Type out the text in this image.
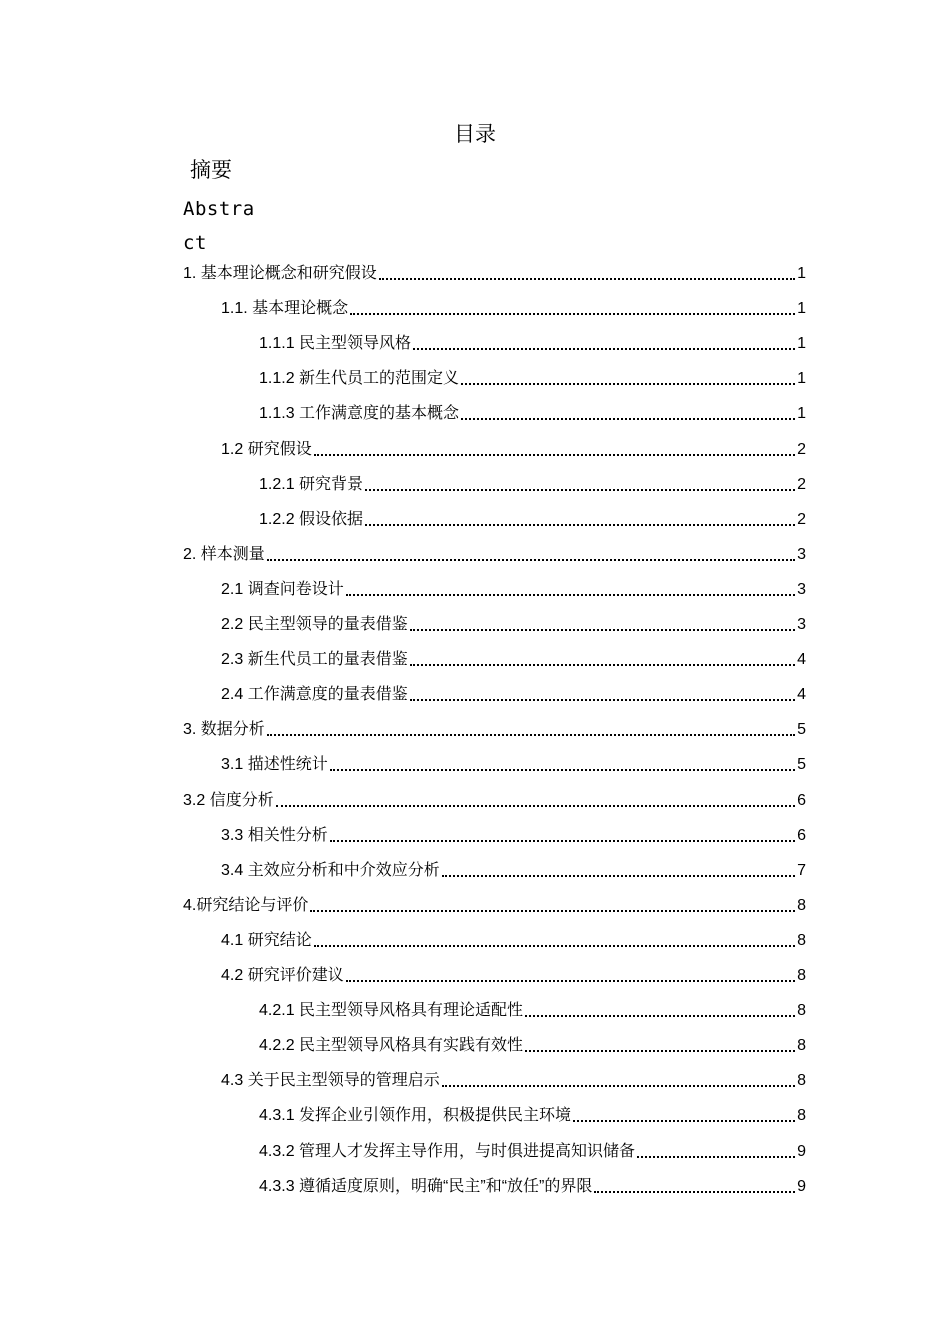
目录
摘要
Abstract
1. 基本理论概念和研究假设	1
1.1. 基本理论概念	1
1.1.1 民主型领导风格	1
1.1.2 新生代员工的范围定义	1
1.1.3 工作满意度的基本概念	1
1.2 研究假设	2
1.2.1 研究背景	2
1.2.2 假设依据	2
2. 样本测量	3
2.1 调查问卷设计	3
2.2 民主型领导的量表借鉴	3
2.3 新生代员工的量表借鉴	4
2.4 工作满意度的量表借鉴	4
3. 数据分析	5
3.1 描述性统计	5
3.2 信度分析	6
3.3 相关性分析	6
3.4 主效应分析和中介效应分析	7
4.研究结论与评价	8
4.1 研究结论	8
4.2 研究评价建议	8
4.2.1 民主型领导风格具有理论适配性	8
4.2.2 民主型领导风格具有实践有效性	8
4.3 关于民主型领导的管理启示	8
4.3.1 发挥企业引领作用，积极提供民主环境	8
4.3.2 管理人才发挥主导作用，与时俱进提高知识储备	9
4.3.3 遵循适度原则，明确“民主”和“放任”的界限	9
